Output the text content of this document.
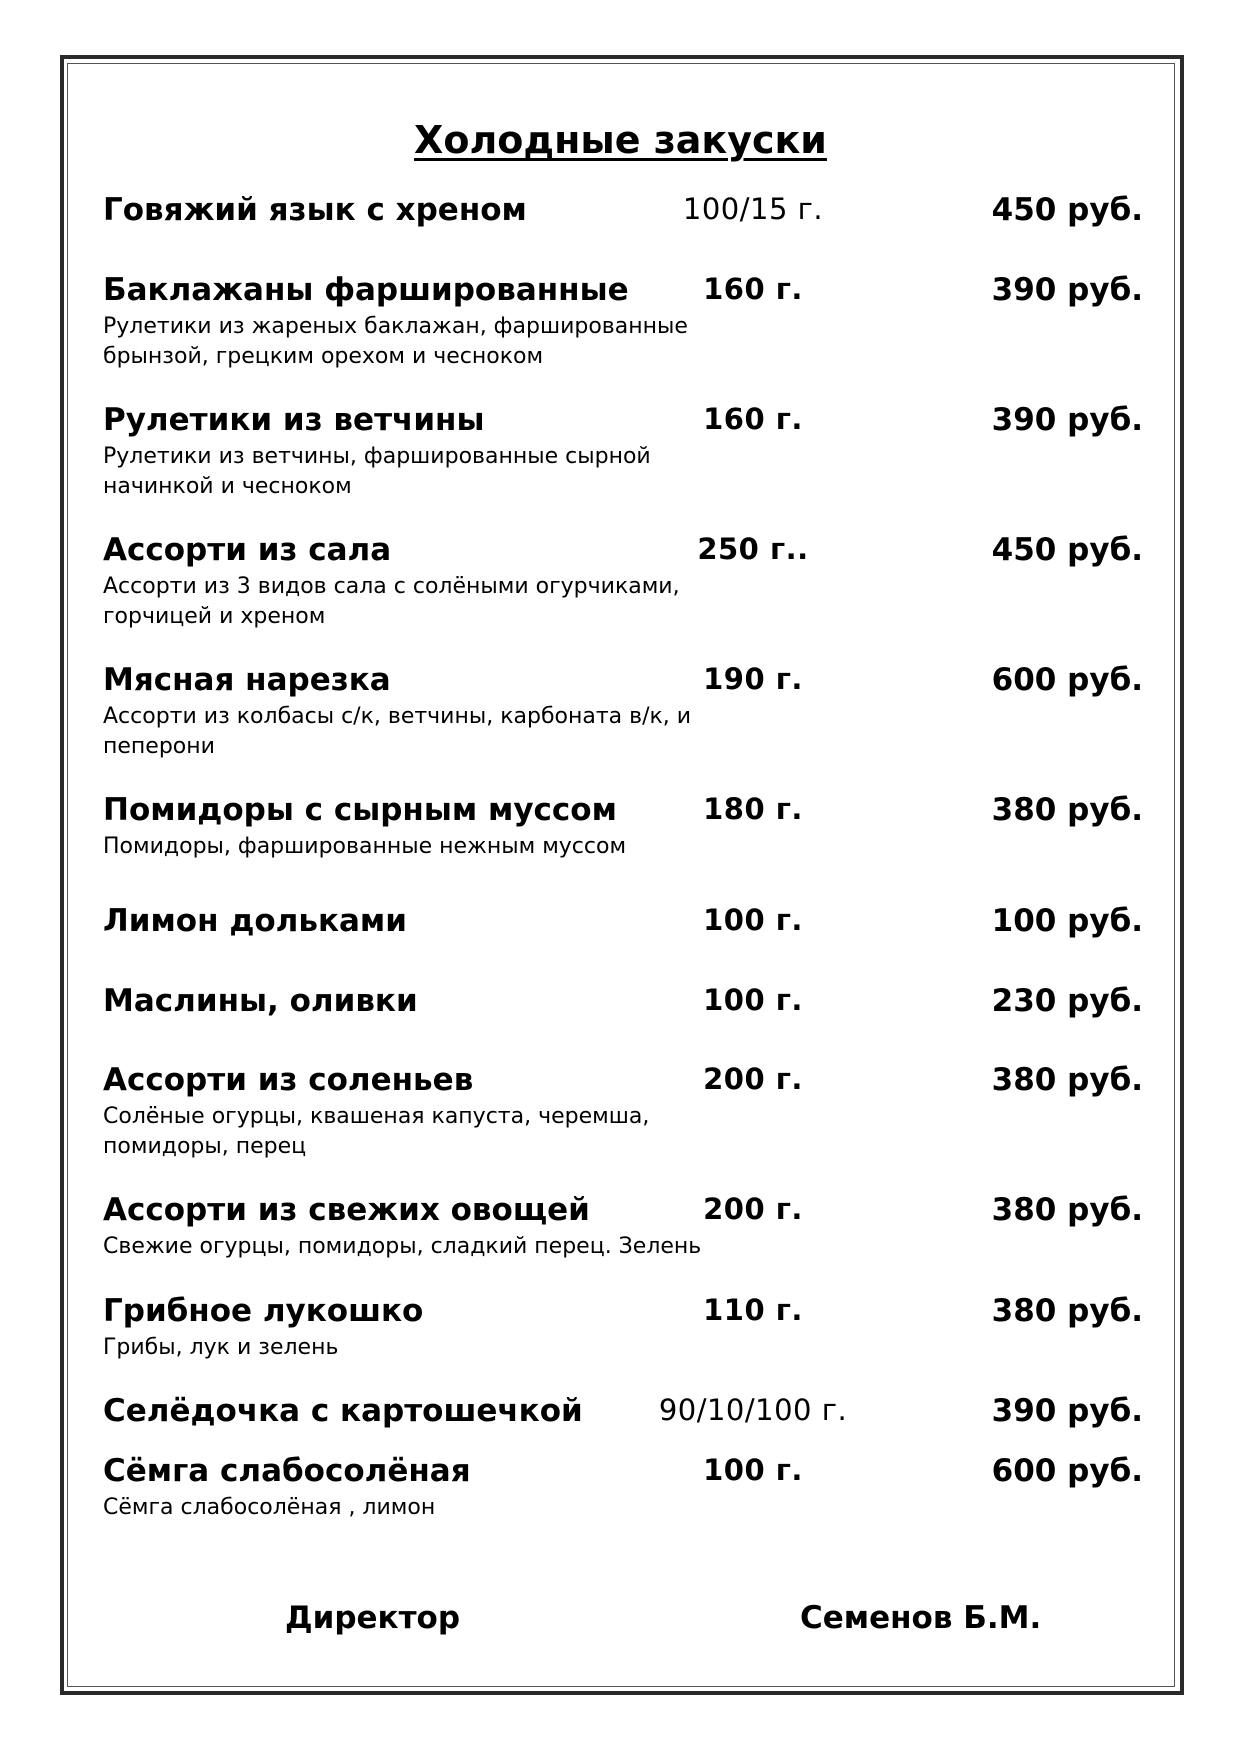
Холодные закуски
Говяжий язык с хреном	100/15 г.	450 руб.
Баклажаны фаршированные	160 г.	390 руб.
Рулетики из жареных баклажан, фаршированные брынзой, грецким орехом и чесноком
Рулетики из ветчины	160 г.	390 руб.
Рулетики из ветчины, фаршированные сырной начинкой и чесноком
Ассорти из сала	250 г..	450 руб.
Ассорти из 3 видов сала с солёными огурчиками, горчицей и хреном
Мясная нарезка	190 г.	600 руб.
Ассорти из колбасы с/к, ветчины, карбоната в/к, и пеперони
Помидоры с сырным муссом	180 г.	380 руб.
Помидоры, фаршированные нежным муссом
Лимон дольками	100 г.	100 руб.
Маслины, оливки	100 г.	230 руб.
Ассорти из соленьев	200 г.	380 руб.
Солёные огурцы, квашеная капуста, черемша, помидоры, перец
Ассорти из свежих овощей	200 г.	380 руб.
Свежие огурцы, помидоры, сладкий перец. Зелень
Грибное лукошко	110 г.	380 руб.
Грибы, лук и зелень
Селёдочка с картошечкой	90/10/100 г.	390 руб.
Сёмга слабосолёная	100 г.	600 руб.
Сёмга слабосолёная , лимон
Директор	Семенов Б.М.
